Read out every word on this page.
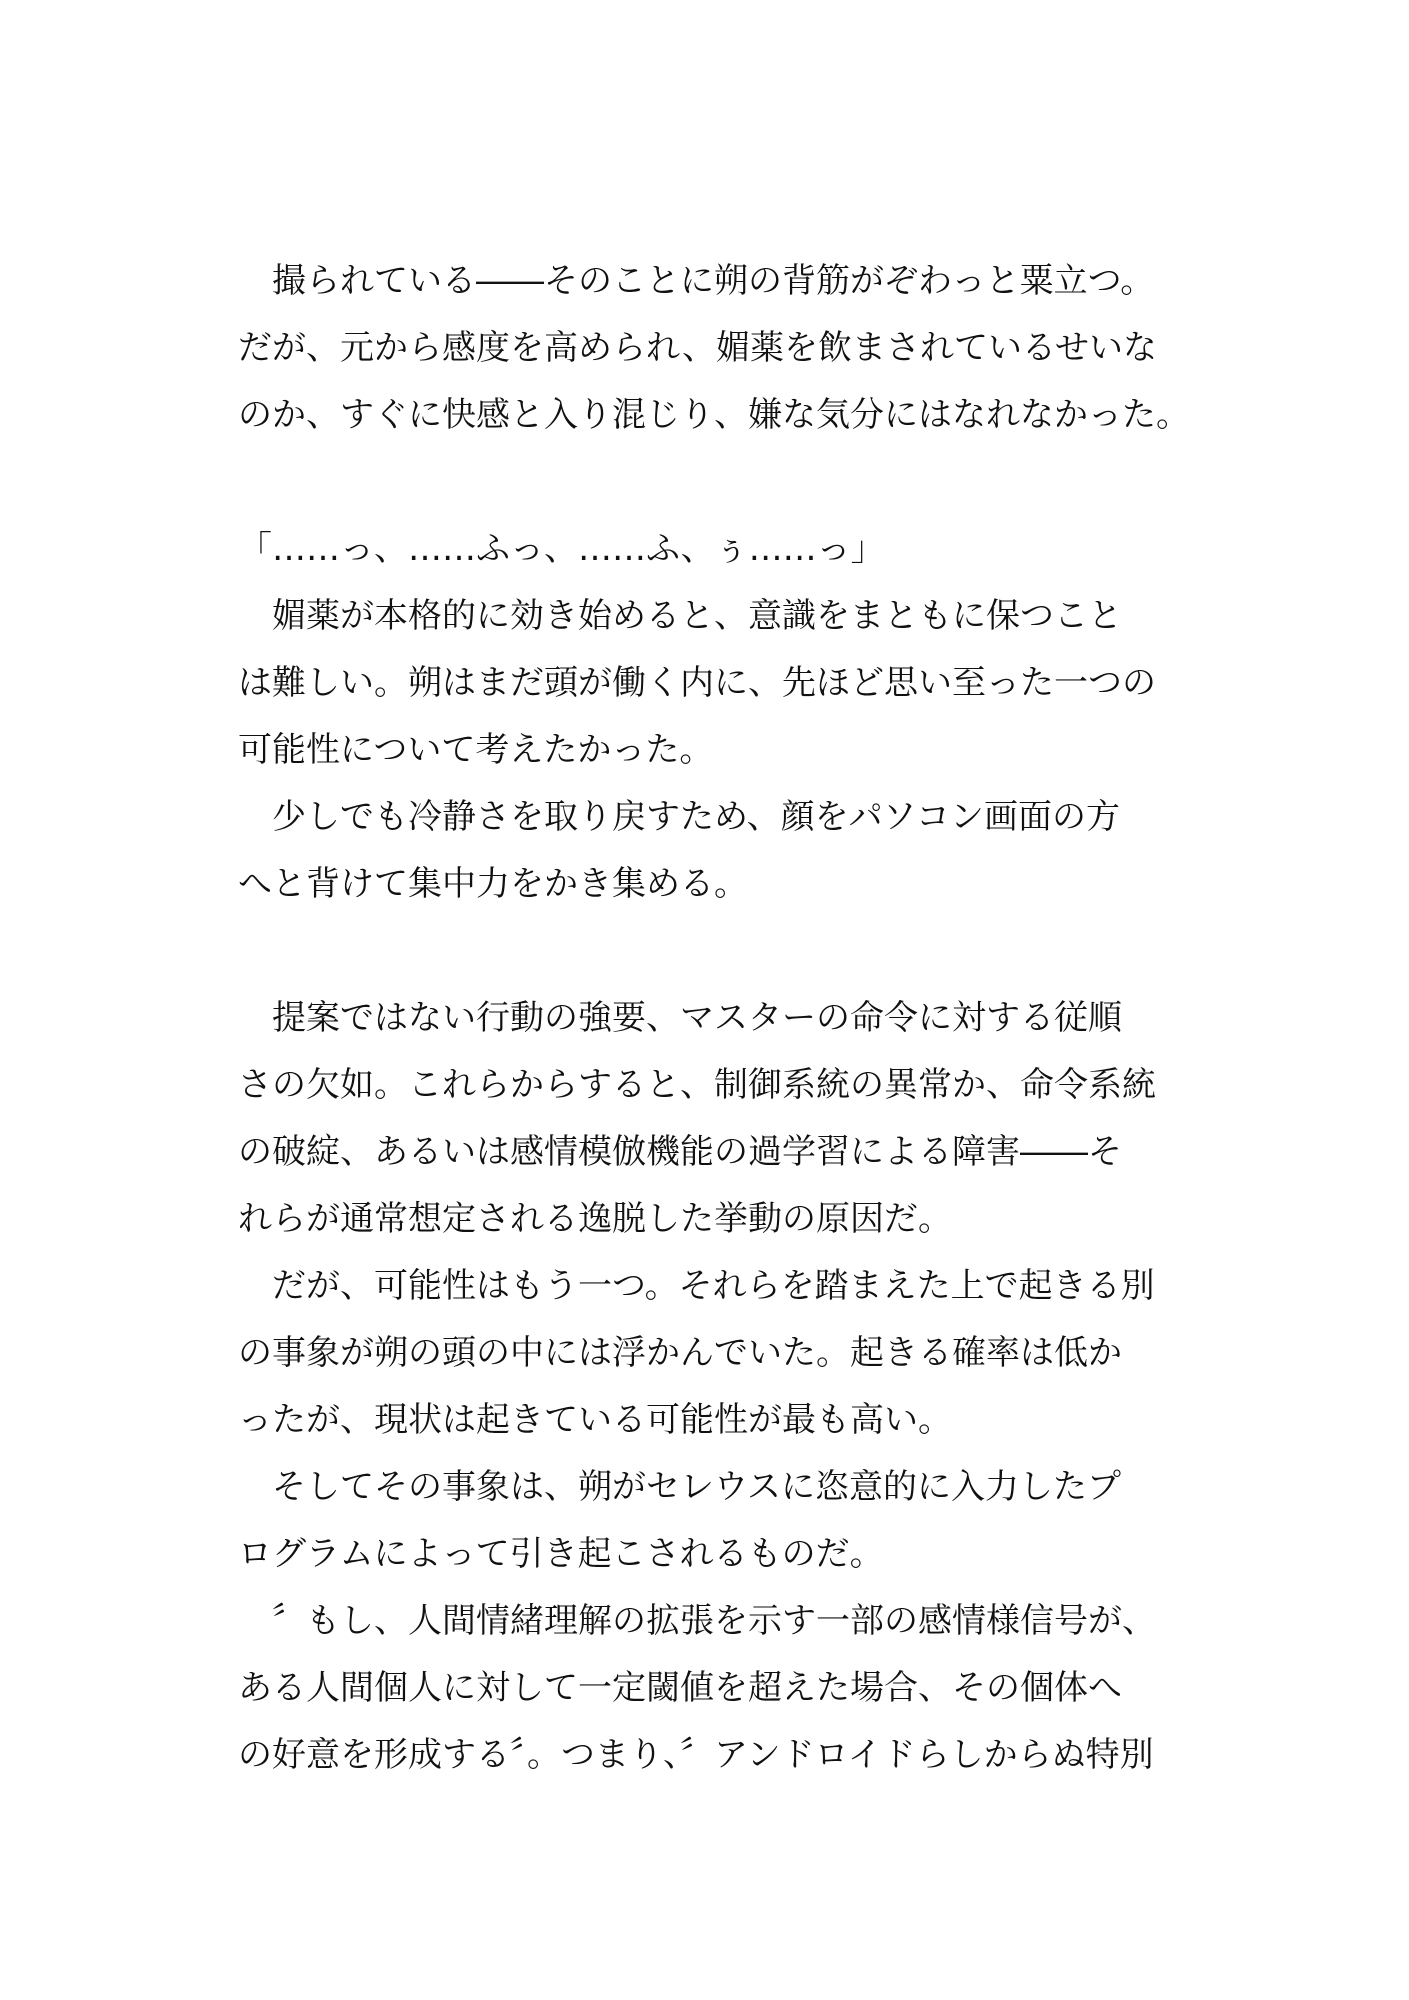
　撮られている――そのことに朔の背筋がぞわっと粟立つ。
だが、元から感度を高められ、媚薬を飲まされているせいな
のか、すぐに快感と入り混じり、嫌な気分にはなれなかった。
「……っ、……ふっ、……ふ、ぅ……っ」
　媚薬が本格的に効き始めると、意識をまともに保つこと
は難しい。朔はまだ頭が働く内に、先ほど思い至った一つの
可能性について考えたかった。
　少しでも冷静さを取り戻すため、顔をパソコン画面の方
へと背けて集中力をかき集める。
　提案ではない行動の強要、マスターの命令に対する従順
さの欠如。これらからすると、制御系統の異常か、命令系統
の破綻、あるいは感情模倣機能の過学習による障害――そ
れらが通常想定される逸脱した挙動の原因だ。
　だが、可能性はもう一つ。それらを踏まえた上で起きる別
の事象が朔の頭の中には浮かんでいた。起きる確率は低か
ったが、現状は起きている可能性が最も高い。
　そしてその事象は、朔がセレウスに恣意的に入力したプ
ログラムによって引き起こされるものだ。
　〞もし、人間情緒理解の拡張を示す一部の感情様信号が、
ある人間個人に対して一定閾値を超えた場合、その個体へ
の好意を形成する〞。つまり、〞アンドロイドらしからぬ特別
